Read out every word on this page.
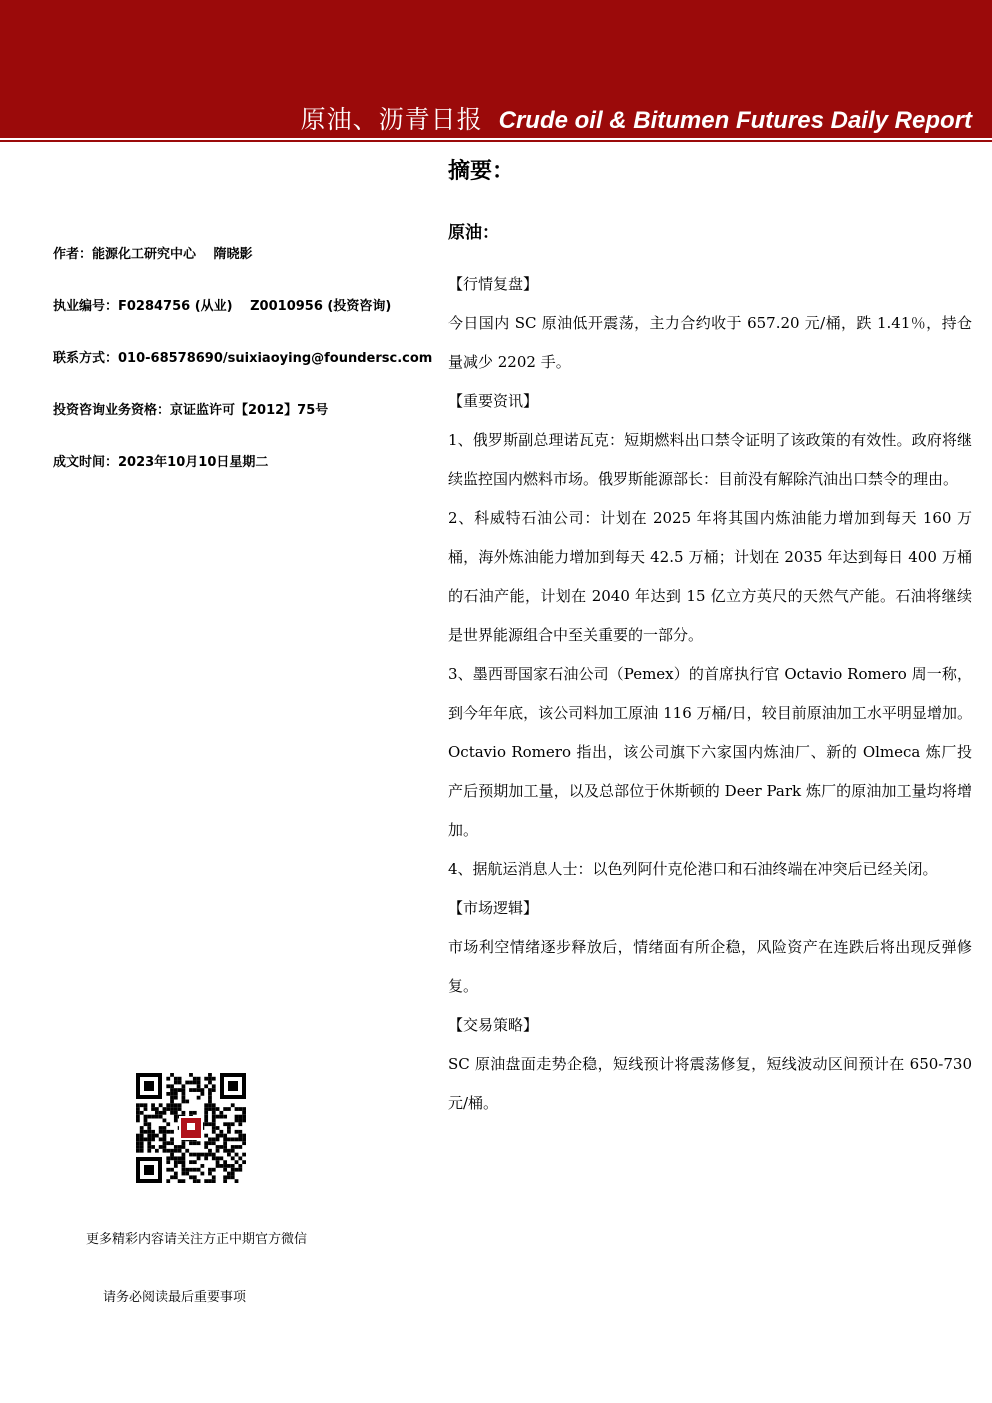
原油、沥青日报 Crude oil & Bitumen Futures Daily Report
作者：能源化工研究中心　 隋晓影
执业编号：F0284756 (从业)　 Z0010956 (投资咨询)
联系方式：010-68578690/suixiaoying@foundersc.com
投资咨询业务资格：京证监许可【2012】75号
成文时间：2023年10月10日星期二
更多精彩内容请关注方正中期官方微信
请务必阅读最后重要事项
摘要：
原油：

【行情复盘】

今日国内 SC 原油低开震荡，主力合约收于 657.20 元/桶，跌 1.41％，持仓量减少 2202 手。

【重要资讯】

1、俄罗斯副总理诺瓦克：短期燃料出口禁令证明了该政策的有效性。政府将继续监控国内燃料市场。俄罗斯能源部长：目前没有解除汽油出口禁令的理由。

2、科威特石油公司：计划在 2025 年将其国内炼油能力增加到每天 160 万桶，海外炼油能力增加到每天 42.5 万桶；计划在 2035 年达到每日 400 万桶的石油产能，计划在 2040 年达到 15 亿立方英尺的天然气产能。石油将继续是世界能源组合中至关重要的一部分。

3、墨西哥国家石油公司（Pemex）的首席执行官 Octavio Romero 周一称，到今年年底，该公司料加工原油 116 万桶/日，较目前原油加工水平明显增加。Octavio Romero 指出，该公司旗下六家国内炼油厂、新的 Olmeca 炼厂投产后预期加工量，以及总部位于休斯顿的 Deer Park 炼厂的原油加工量均将增加。

4、据航运消息人士：以色列阿什克伦港口和石油终端在冲突后已经关闭。

【市场逻辑】

市场利空情绪逐步释放后，情绪面有所企稳，风险资产在连跌后将出现反弹修复。

【交易策略】

SC 原油盘面走势企稳，短线预计将震荡修复，短线波动区间预计在 650-730 元/桶。
